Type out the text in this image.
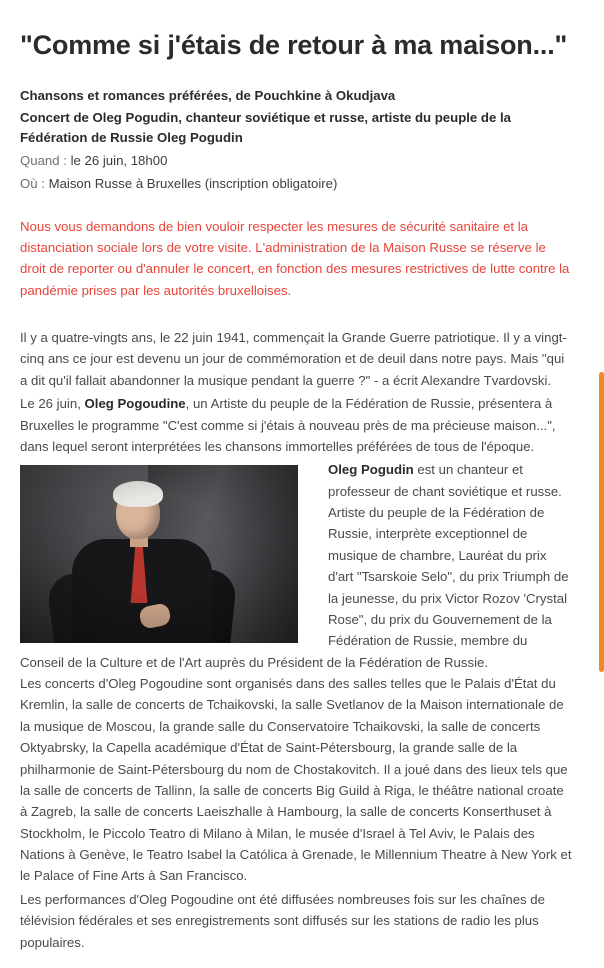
"Comme si j'étais de retour à ma maison..."

Chansons et romances préférées, de Pouchkine à Okudjava

Concert de Oleg Pogudin, chanteur soviétique et russe, artiste du peuple de la Fédération de Russie Oleg Pogudin

Quand : le 26 juin, 18h00

Où : Maison Russe à Bruxelles (inscription obligatoire)

Nous vous demandons de bien vouloir respecter les mesures de sécurité sanitaire et la distanciation sociale lors de votre visite. L'administration de la Maison Russe se réserve le droit de reporter ou d'annuler le concert, en fonction des mesures restrictives de lutte contre la pandémie prises par les autorités bruxelloises.

Il y a quatre-vingts ans, le 22 juin 1941, commençait la Grande Guerre patriotique. Il y a vingt-cinq ans ce jour est devenu un jour de commémoration et de deuil dans notre pays. Mais "qui a dit qu'il fallait abandonner la musique pendant la guerre ?" - a écrit Alexandre Tvardovski.

Le 26 juin, Oleg Pogoudine, un Artiste du peuple de la Fédération de Russie, présentera à Bruxelles le programme "C'est comme si j'étais à nouveau près de ma précieuse maison...", dans lequel seront interprétées les chansons immortelles préférées de tous de l'époque.

Oleg Pogudin est un chanteur et professeur de chant soviétique et russe. Artiste du peuple de la Fédération de Russie, interprète exceptionnel de musique de chambre, Lauréat du prix d'art "Tsarskoie Selo", du prix Triumph de la jeunesse, du prix Victor Rozov 'Crystal Rose", du prix du Gouvernement de la Fédération de Russie, membre du Conseil de la Culture et de l'Art auprès du Président de la Fédération de Russie.

Les concerts d'Oleg Pogoudine sont organisés dans des salles telles que le Palais d'État du Kremlin, la salle de concerts de Tchaikovski, la salle Svetlanov de la Maison internationale de la musique de Moscou, la grande salle du Conservatoire Tchaikovski, la salle de concerts Oktyabrsky, la Capella académique d'État de Saint-Pétersbourg, la grande salle de la philharmonie de Saint-Pétersbourg du nom de Chostakovitch. Il a joué dans des lieux tels que la salle de concerts de Tallinn, la salle de concerts Big Guild à Riga, le théâtre national croate à Zagreb, la salle de concerts Laeiszhalle à Hambourg, la salle de concerts Konserthuset à Stockholm, le Piccolo Teatro di Milano à Milan, le musée d'Israel à Tel Aviv, le Palais des Nations à Genève, le Teatro Isabel la Católica à Grenade, le Millennium Theatre à New York et le Palace of Fine Arts à San Francisco.

Les performances d'Oleg Pogoudine ont été diffusées nombreuses fois sur les chaînes de télévision fédérales et ses enregistrements sont diffusés sur les stations de radio les plus populaires.
